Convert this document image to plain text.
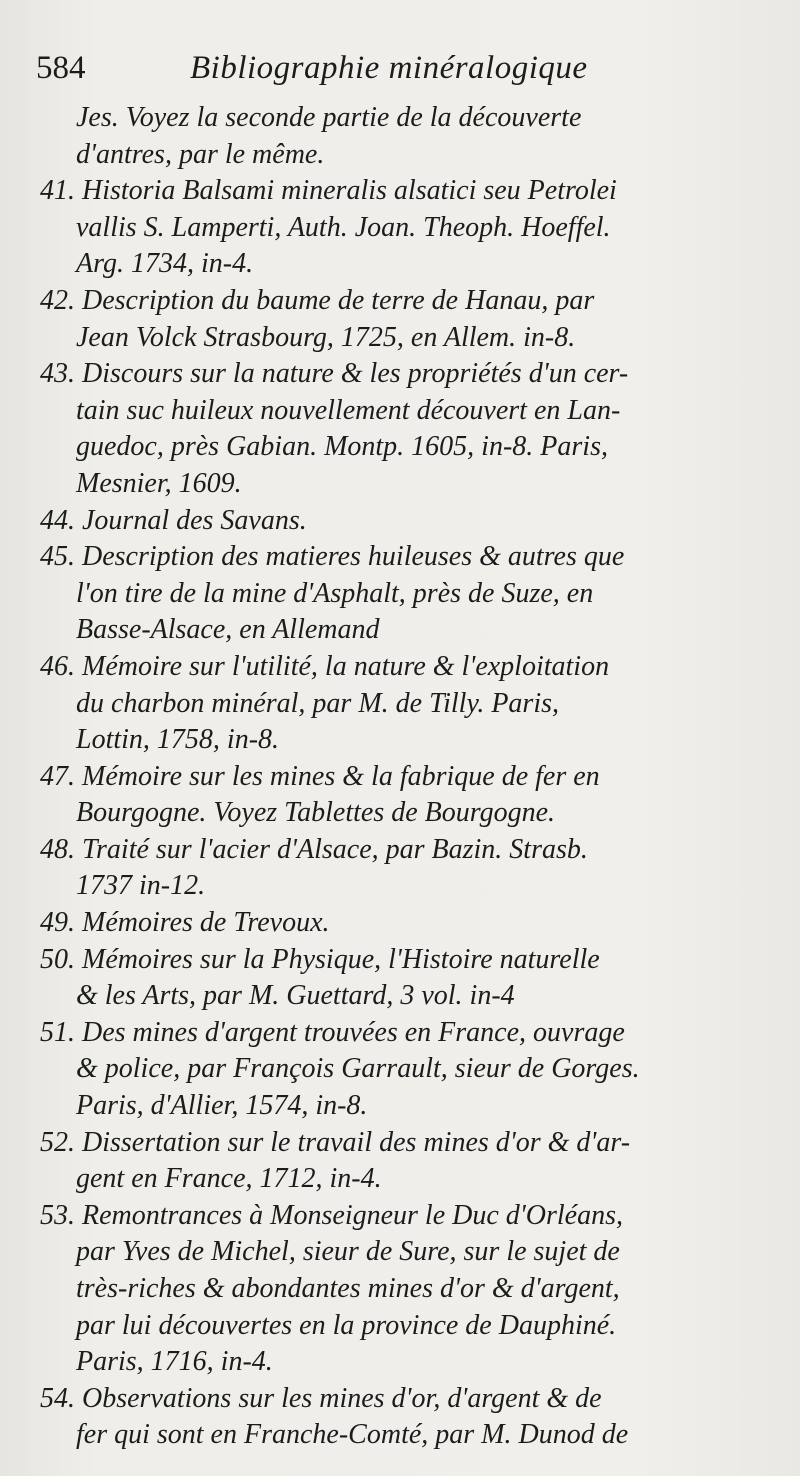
584	Bibliographie minéralogique
Jes. Voyez la seconde partie de la découverte
d'antres, par le même.
41. Historia Balsami mineralis alsatici seu Petrolei
vallis S. Lamperti, Auth. Joan. Theoph. Hoeffel.
Arg. 1734, in-4.
42. Description du baume de terre de Hanau, par
Jean Volck Strasbourg, 1725, en Allem. in-8.
43. Discours sur la nature & les propriétés d'un cer-
tain suc huileux nouvellement découvert en Lan-
guedoc, près Gabian. Montp. 1605, in-8. Paris,
Mesnier, 1609.
44. Journal des Savans.
45. Description des matieres huileuses & autres que
l'on tire de la mine d'Asphalt, près de Suze, en
Basse-Alsace, en Allemand
46. Mémoire sur l'utilité, la nature & l'exploitation
du charbon minéral, par M. de Tilly. Paris,
Lottin, 1758, in-8.
47. Mémoire sur les mines & la fabrique de fer en
Bourgogne. Voyez Tablettes de Bourgogne.
48. Traité sur l'acier d'Alsace, par Bazin. Strasb.
1737 in-12.
49. Mémoires de Trevoux.
50. Mémoires sur la Physique, l'Histoire naturelle
& les Arts, par M. Guettard, 3 vol. in-4
51. Des mines d'argent trouvées en France, ouvrage
& police, par François Garrault, sieur de Gorges.
Paris, d'Allier, 1574, in-8.
52. Dissertation sur le travail des mines d'or & d'ar-
gent en France, 1712, in-4.
53. Remontrances à Monseigneur le Duc d'Orléans,
par Yves de Michel, sieur de Sure, sur le sujet de
très-riches & abondantes mines d'or & d'argent,
par lui découvertes en la province de Dauphiné.
Paris, 1716, in-4.
54. Observations sur les mines d'or, d'argent & de
fer qui sont en Franche-Comté, par M. Dunod de
